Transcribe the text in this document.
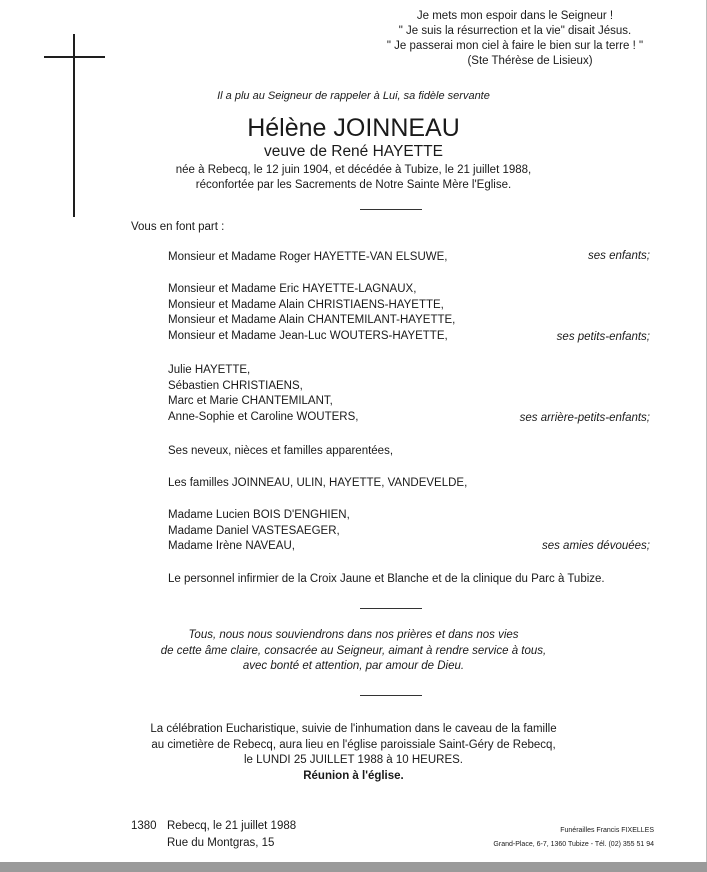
Je mets mon espoir dans le Seigneur !
" Je suis la résurrection et la vie" disait Jésus.
" Je passerai mon ciel à faire le bien sur la terre ! "
(Ste Thérèse de Lisieux)
Il a plu au Seigneur de rappeler à Lui, sa fidèle servante
Hélène JOINNEAU
veuve de René HAYETTE
née à Rebecq, le 12 juin 1904, et décédée à Tubize, le 21 juillet 1988,
réconfortée par les Sacrements de Notre Sainte Mère l'Eglise.
Vous en font part :
Monsieur et Madame Roger HAYETTE-VAN ELSUWE,	ses enfants;
Monsieur et Madame Eric HAYETTE-LAGNAUX,
Monsieur et Madame Alain CHRISTIAENS-HAYETTE,
Monsieur et Madame Alain CHANTEMILANT-HAYETTE,
Monsieur et Madame Jean-Luc WOUTERS-HAYETTE,	ses petits-enfants;
Julie HAYETTE,
Sébastien CHRISTIAENS,
Marc et Marie CHANTEMILANT,
Anne-Sophie et Caroline WOUTERS,	ses arrière-petits-enfants;
Ses neveux, nièces et familles apparentées,
Les familles JOINNEAU, ULIN, HAYETTE, VANDEVELDE,
Madame Lucien BOIS D'ENGHIEN,
Madame Daniel VASTESAEGER,
Madame Irène NAVEAU,	ses amies dévouées;
Le personnel infirmier de la Croix Jaune et Blanche et de la clinique du Parc à Tubize.
Tous, nous nous souviendrons dans nos prières et dans nos vies
de cette âme claire, consacrée au Seigneur, aimant à rendre service à tous,
avec bonté et attention, par amour de Dieu.
La célébration Eucharistique, suivie de l'inhumation dans le caveau de la famille
au cimetière de Rebecq, aura lieu en l'église paroissiale Saint-Géry de Rebecq,
le LUNDI 25 JUILLET 1988 à 10 HEURES.
Réunion à l'église.
1380 Rebecq, le 21 juillet 1988
Rue du Montgras, 15
Funérailles Francis FIXELLES
Grand-Place, 6-7, 1360 Tubize - Tél. (02) 355 51 94
